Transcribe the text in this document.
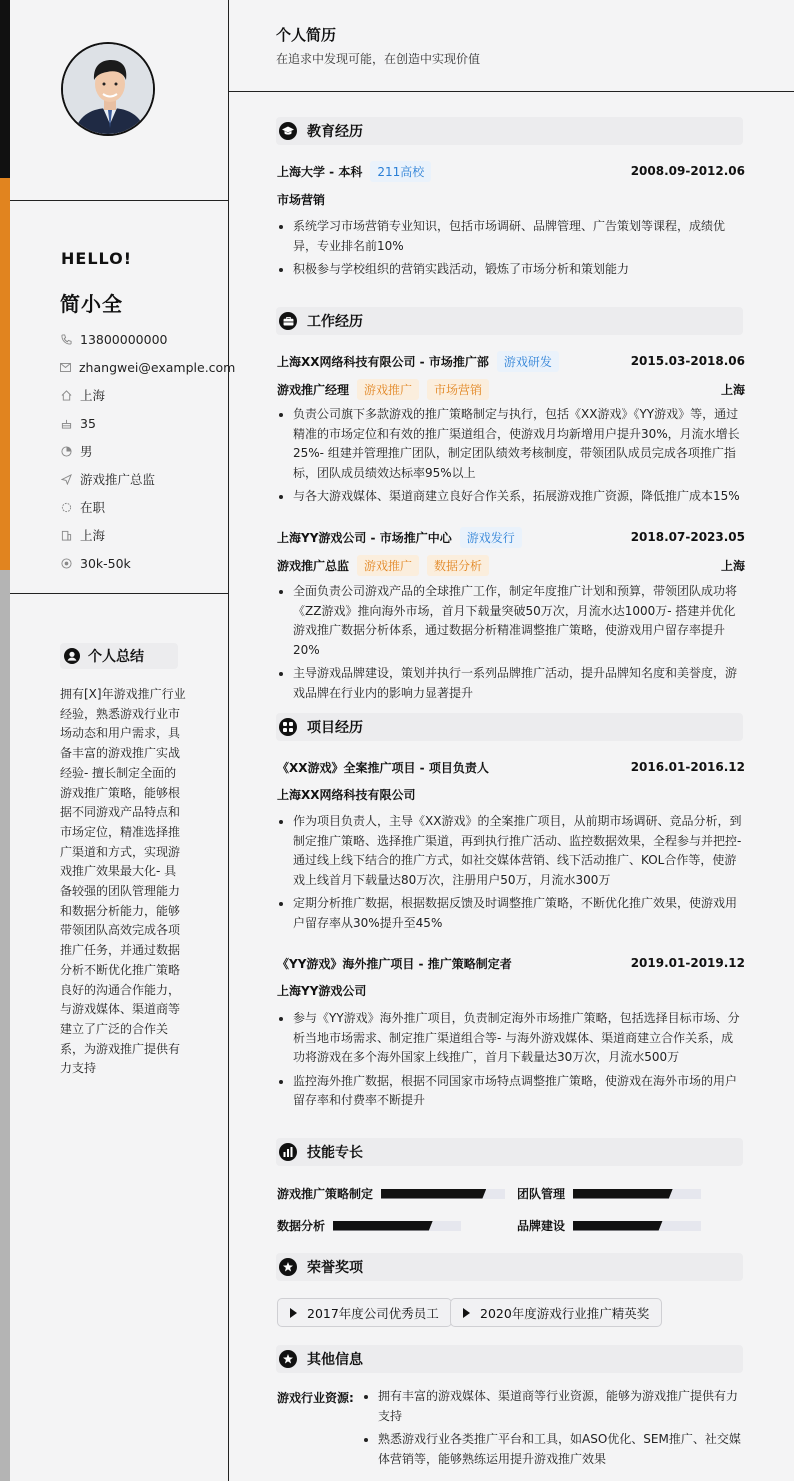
HELLO!
简小全
13800000000
zhangwei@example.com
上海
35
男
游戏推广总监
在职
上海
30k-50k
个人总结
拥有[X]年游戏推广行业经验，熟悉游戏行业市场动态和用户需求，具备丰富的游戏推广实战经验- 擅长制定全面的游戏推广策略，能够根据不同游戏产品特点和市场定位，精准选择推广渠道和方式，实现游戏推广效果最大化- 具备较强的团队管理能力和数据分析能力，能够带领团队高效完成各项推广任务，并通过数据分析不断优化推广策略 良好的沟通合作能力，与游戏媒体、渠道商等建立了广泛的合作关系，为游戏推广提供有力支持
个人简历
在追求中发现可能，在创造中实现价值
教育经历
上海大学 - 本科	211高校	2008.09-2012.06
市场营销
系统学习市场营销专业知识，包括市场调研、品牌管理、广告策划等课程，成绩优异，专业排名前10%
积极参与学校组织的营销实践活动，锻炼了市场分析和策划能力
工作经历
上海XX网络科技有限公司 - 市场推广部	游戏研发	2015.03-2018.06
游戏推广经理	游戏推广	市场营销	上海
负责公司旗下多款游戏的推广策略制定与执行，包括《XX游戏》《YY游戏》等，通过精准的市场定位和有效的推广渠道组合，使游戏月均新增用户提升30%，月流水增长25%- 组建并管理推广团队，制定团队绩效考核制度，带领团队成员完成各项推广指标，团队成员绩效达标率95%以上
与各大游戏媒体、渠道商建立良好合作关系，拓展游戏推广资源，降低推广成本15%
上海YY游戏公司 - 市场推广中心	游戏发行	2018.07-2023.05
游戏推广总监	游戏推广	数据分析	上海
全面负责公司游戏产品的全球推广工作，制定年度推广计划和预算，带领团队成功将《ZZ游戏》推向海外市场，首月下载量突破50万次，月流水达1000万- 搭建并优化游戏推广数据分析体系，通过数据分析精准调整推广策略，使游戏用户留存率提升20%
主导游戏品牌建设，策划并执行一系列品牌推广活动，提升品牌知名度和美誉度，游戏品牌在行业内的影响力显著提升
项目经历
《XX游戏》全案推广项目 - 项目负责人	2016.01-2016.12
上海XX网络科技有限公司
作为项目负责人，主导《XX游戏》的全案推广项目，从前期市场调研、竞品分析，到制定推广策略、选择推广渠道，再到执行推广活动、监控数据效果，全程参与并把控- 通过线上线下结合的推广方式，如社交媒体营销、线下活动推广、KOL合作等，使游戏上线首月下载量达80万次，注册用户50万，月流水300万
定期分析推广数据，根据数据反馈及时调整推广策略，不断优化推广效果，使游戏用户留存率从30%提升至45%
《YY游戏》海外推广项目 - 推广策略制定者	2019.01-2019.12
上海YY游戏公司
参与《YY游戏》海外推广项目，负责制定海外市场推广策略，包括选择目标市场、分析当地市场需求、制定推广渠道组合等- 与海外游戏媒体、渠道商建立合作关系，成功将游戏在多个海外国家上线推广，首月下载量达30万次，月流水500万
监控海外推广数据，根据不同国家市场特点调整推广策略，使游戏在海外市场的用户留存率和付费率不断提升
技能专长
游戏推广策略制定	团队管理
数据分析	品牌建设
荣誉奖项
2017年度公司优秀员工	2020年度游戏行业推广精英奖
其他信息
游戏行业资源:	拥有丰富的游戏媒体、渠道商等行业资源，能够为游戏推广提供有力支持
熟悉游戏行业各类推广平台和工具，如ASO优化、SEM推广、社交媒体营销等，能够熟练运用提升游戏推广效果
